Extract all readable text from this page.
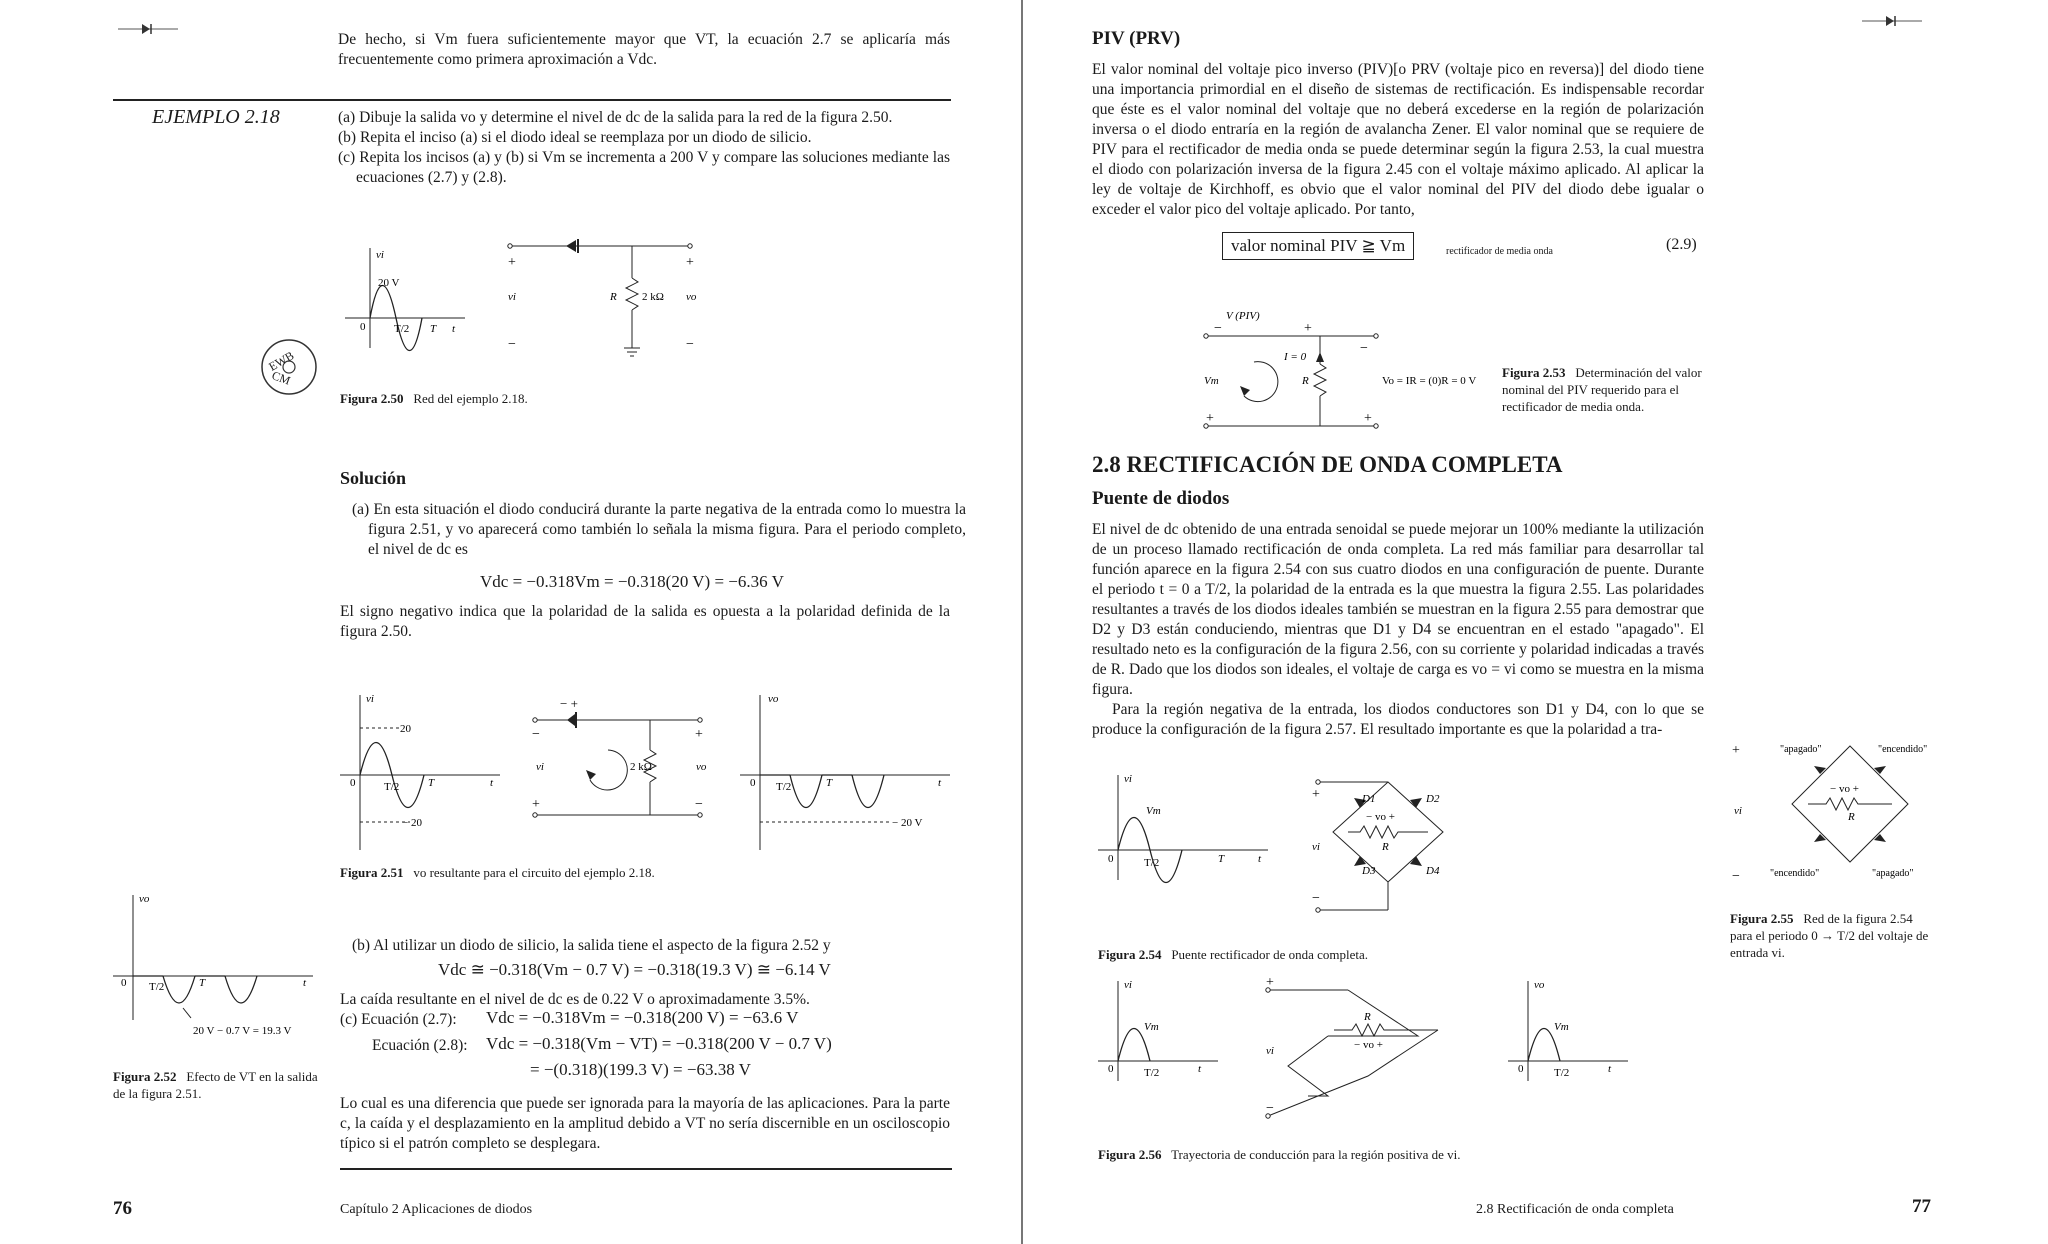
De hecho, si Vm fuera suficientemente mayor que VT, la ecuación 2.7 se aplicaría más frecuentemente como primera aproximación a Vdc.
EJEMPLO 2.18	(a) Dibuje la salida vo y determine el nivel de dc de la salida para la red de la figura 2.50.
(b) Repita el inciso (a) si el diodo ideal se reemplaza por un diodo de silicio.
(c) Repita los incisos (a) y (b) si Vm se incrementa a 200 V y compare las soluciones mediante las ecuaciones (2.7) y (2.8).
EWB
CM
vi
20 V
0	T/2 T t
+	+
vi	R 2 kΩ vo
−	−
Figura 2.50 Red del ejemplo 2.18.
Solución
(a) En esta situación el diodo conducirá durante la parte negativa de la entrada como lo muestra la figura 2.51, y vo aparecerá como también lo señala la misma figura. Para el periodo completo, el nivel de dc es
Vdc = −0.318Vm = −0.318(20 V) = −6.36 V
El signo negativo indica que la polaridad de la salida es opuesta a la polaridad definida de la figura 2.50.
vi
20
− 20
0	T/2	T	t
− +
2 kΩ
vi	vo
−	+
+	−
vo
0 T/2	T	t
− 20 V
Figura 2.51 vo resultante para el circuito del ejemplo 2.18.
vo
0 T/2	T	t
20 V − 0.7 V = 19.3 V
Figura 2.52 Efecto de VT en la salida de la figura 2.51.
(b) Al utilizar un diodo de silicio, la salida tiene el aspecto de la figura 2.52 y
Vdc ≅ −0.318(Vm − 0.7 V) = −0.318(19.3 V) ≅ −6.14 V
La caída resultante en el nivel de dc es de 0.22 V o aproximadamente 3.5%.
(c) Ecuación (2.7): Vdc = −0.318Vm = −0.318(200 V) = −63.6 V
Ecuación (2.8): Vdc = −0.318(Vm − VT) = −0.318(200 V − 0.7 V)
= −(0.318)(199.3 V) = −63.38 V
Lo cual es una diferencia que puede ser ignorada para la mayoría de las aplicaciones. Para la parte c, la caída y el desplazamiento en la amplitud debido a VT no sería discernible en un osciloscopio típico si el patrón completo se desplegara.
76	Capítulo 2 Aplicaciones de diodos
PIV (PRV)
El valor nominal del voltaje pico inverso (PIV)[o PRV (voltaje pico en reversa)] del diodo tiene una importancia primordial en el diseño de sistemas de rectificación. Es indispensable recordar que éste es el valor nominal del voltaje que no deberá excederse en la región de polarización inversa o el diodo entraría en la región de avalancha Zener. El valor nominal que se requiere de PIV para el rectificador de media onda se puede determinar según la figura 2.53, la cual muestra el diodo con polarización inversa de la figura 2.45 con el voltaje máximo aplicado. Al aplicar la ley de voltaje de Kirchhoff, es obvio que el valor nominal del PIV del diodo debe igualar o exceder el valor pico del voltaje aplicado. Por tanto,
valor nominal PIV ≧ Vm	rectificador de media onda	(2.9)
V (PIV)
−	+
I = 0
Vm	R
−
+	+
Vo = IR = (0)R = 0 V
Figura 2.53 Determinación del valor nominal del PIV requerido para el rectificador de media onda.
2.8 RECTIFICACIÓN DE ONDA COMPLETA
Puente de diodos
El nivel de dc obtenido de una entrada senoidal se puede mejorar un 100% mediante la utilización de un proceso llamado rectificación de onda completa. La red más familiar para desarrollar tal función aparece en la figura 2.54 con sus cuatro diodos en una configuración de puente. Durante el periodo t = 0 a T/2, la polaridad de la entrada es la que muestra la figura 2.55. Las polaridades resultantes a través de los diodos ideales también se muestran en la figura 2.55 para demostrar que D2 y D3 están conduciendo, mientras que D1 y D4 se encuentran en el estado "apagado". El resultado neto es la configuración de la figura 2.56, con su corriente y polaridad indicadas a través de R. Dado que los diodos son ideales, el voltaje de carga es vo = vi como se muestra en la misma figura.
Para la región negativa de la entrada, los diodos conductores son D1 y D4, con lo que se produce la configuración de la figura 2.57. El resultado importante es que la polaridad a tra-
vi
Vm
0	T/2	T	t
D1	D2
D3	D4
− vo +
R
+
vi
−
Figura 2.54 Puente rectificador de onda completa.
"apagado"	"encendido"
"encendido"	"apagado"
vi
− vo +
R
+
−
Figura 2.55 Red de la figura 2.54 para el periodo 0 → T/2 del voltaje de entrada vi.
vi
Vm
0	T/2	t
+
vi
−
R
− vo +
vo
Vm
0	T/2	t
Figura 2.56 Trayectoria de conducción para la región positiva de vi.
2.8 Rectificación de onda completa	77
